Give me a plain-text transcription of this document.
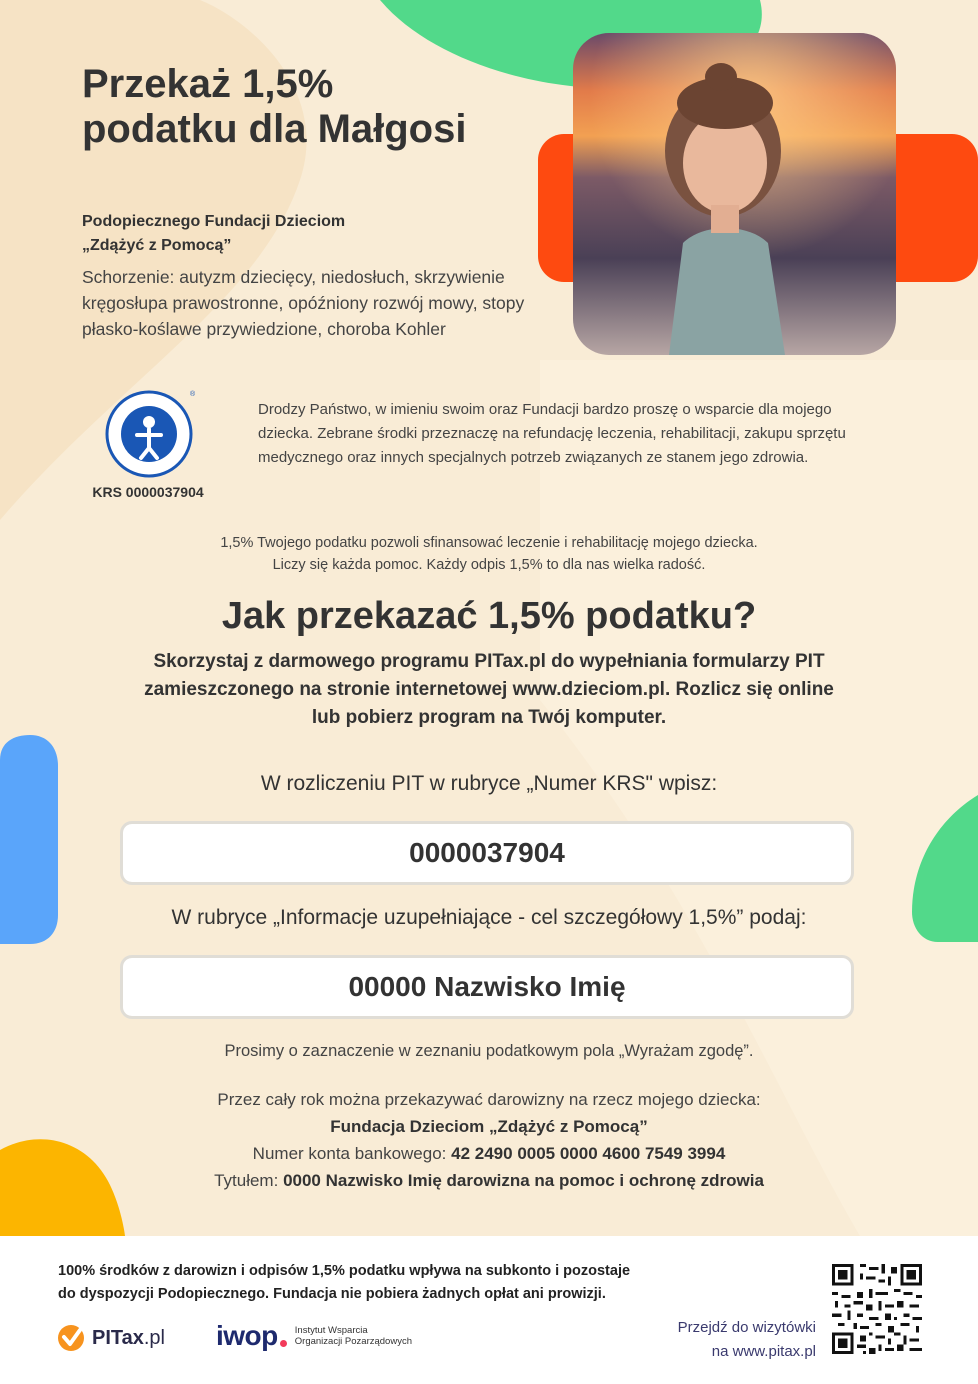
Przekaż 1,5% podatku dla Małgosi
Podopiecznego Fundacji Dzieciom
„Zdążyć z Pomocą”
Schorzenie: autyzm dziecięcy, niedosłuch, skrzywienie kręgosłupa prawostronne, opóźniony rozwój mowy, stopy płasko-koślawe przywiedzione, choroba Kohler
®
KRS 0000037904
Drodzy Państwo, w imieniu swoim oraz Fundacji bardzo proszę o wsparcie dla mojego dziecka. Zebrane środki przeznaczę na refundację leczenia, rehabilitacji, zakupu sprzętu medycznego oraz innych specjalnych potrzeb związanych ze stanem jego zdrowia.
1,5% Twojego podatku pozwoli sfinansować leczenie i rehabilitację mojego dziecka.
Liczy się każda pomoc. Każdy odpis 1,5% to dla nas wielka radość.
Jak przekazać 1,5% podatku?
Skorzystaj z darmowego programu PITax.pl do wypełniania formularzy PIT
zamieszczonego na stronie internetowej www.dzieciom.pl. Rozlicz się online
lub pobierz program na Twój komputer.
W rozliczeniu PIT w rubryce „Numer KRS" wpisz:
0000037904
W rubryce „Informacje uzupełniające - cel szczegółowy 1,5%” podaj:
00000 Nazwisko Imię
Prosimy o zaznaczenie w zeznaniu podatkowym pola „Wyrażam zgodę”.
Przez cały rok można przekazywać darowizny na rzecz mojego dziecka:
Fundacja Dzieciom „Zdążyć z Pomocą”
Numer konta bankowego: 42 2490 0005 0000 4600 7549 3994
Tytułem: 0000 Nazwisko Imię darowizna na pomoc i ochronę zdrowia
100% środków z darowizn i odpisów 1,5% podatku wpływa na subkonto i pozostaje
do dyspozycji Podopiecznego. Fundacja nie pobiera żadnych opłat ani prowizji.
PITax .pl iwop Instytut Wsparcia
Organizacji Pozarządowych
Przejdź do wizytówki
na www.pitax.pl
